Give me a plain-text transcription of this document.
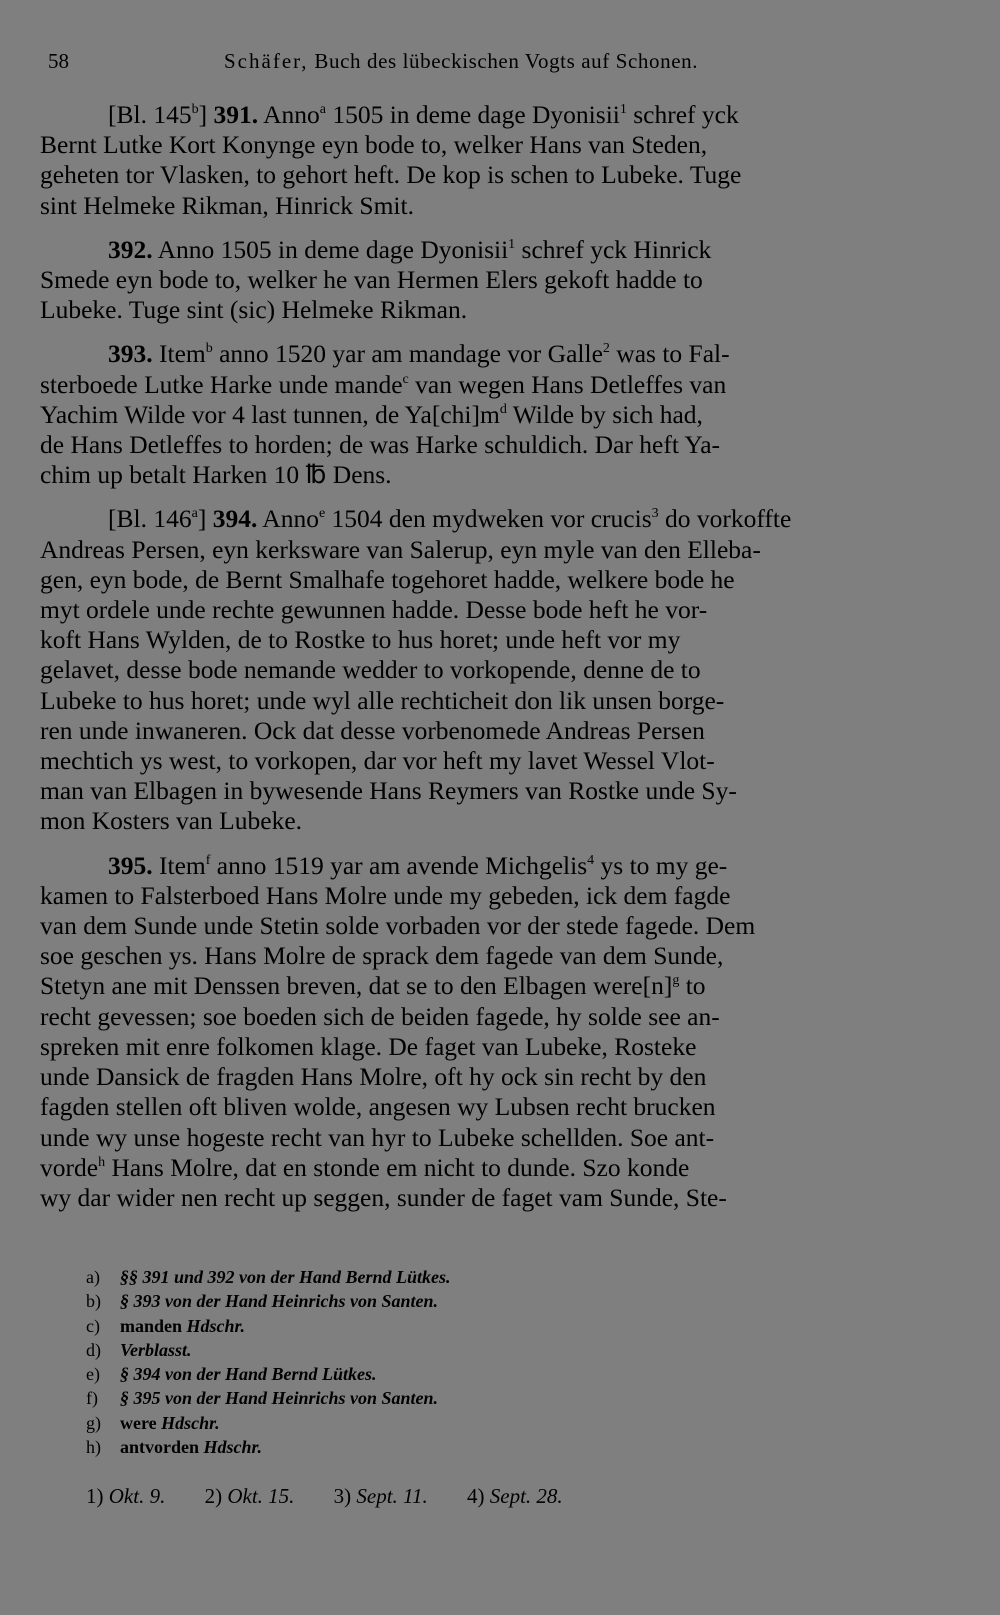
58	Schäfer, Buch des lübeckischen Vogts auf Schonen.

[Bl. 145$^b$] 391. Anno$^a$ 1505 in deme dage Dyonisii$^1$ schref yck

Bernt Lutke Kort Konynge eyn bode to, welker Hans van Steden,

geheten tor Vlasken, to gehort heft. De kop is schen to Lubeke. Tuge

sint Helmeke Rikman, Hinrick Smit.

392. Anno 1505 in deme dage Dyonisii$^1$ schref yck Hinrick

Smede eyn bode to, welker he van Hermen Elers gekoft hadde to

Lubeke. Tuge sint (sic) Helmeke Rikman.

393. Item$^b$ anno 1520 yar am mandage vor Galle$^2$ was to Fal-

sterboede Lutke Harke unde mande$^c$ van wegen Hans Detleffes van

Yachim Wilde vor 4 last tunnen, de $Ya[chi]m^d$ Wilde by sich had,

de Hans Detleffes to horden; de was Harke schuldich. Dar heft Ya-

chim up betalt Harken 10 ℔ Dens.

[Bl. 146$^a$] 394. Anno$^e$ 1504 den mydweken vor crucis$^3$ do vorkoffte

Andreas Persen, eyn kerksware van Salerup, eyn myle van den Elleba-

gen, eyn bode, de Bernt Smalhafe togehoret hadde, welkere bode he

myt ordele unde rechte gewunnen hadde. Desse bode heft he vor-

koft Hans Wylden, de to Rostke to hus horet; unde heft vor my

gelavet, desse bode nemande wedder to vorkopende, denne de to

Lubeke to hus horet; unde wyl alle rechticheit don lik unsen borge-

ren unde inwaneren. Ock dat desse vorbenomede Andreas Persen

mechtich ys west, to vorkopen, dar vor heft my lavet Wessel Vlot-

man van Elbagen in bywesende Hans Reymers van Rostke unde Sy-

mon Kosters van Lubeke.

395. Item$^f$ anno 1519 yar am avende Michgelis$^4$ ys to my ge-

kamen to Falsterboed Hans Molre unde my gebeden, ick dem fagde

van dem Sunde unde Stetin solde vorbaden vor der stede fagede. Dem

soe geschen ys. Hans Molre de sprack dem fagede van dem Sunde,

Stetyn ane mit Denssen breven, dat se to den Elbagen $were[n]^g$ to

recht gevessen; soe boeden sich de beiden fagede, hy solde see an-

spreken mit enre folkomen klage. De faget van Lubeke, Rosteke

unde Dansick de fragden Hans Molre, oft hy ock sin recht by den

fagden stellen oft bliven wolde, angesen wy Lubsen recht brucken

unde wy unse hogeste recht van hyr to Lubeke schellden. Soe ant-

vorde$^h$ Hans Molre, dat en stonde em nicht to dunde. Szo konde

wy dar wider nen recht up seggen, sunder de faget vam Sunde, Ste-

a) §§ 391 und 392 von der Hand Bernd Lütkes.
b) § 393 von der Hand Heinrichs von Santen.
c) manden Hdschr.
d) Verblasst.
e) § 394 von der Hand Bernd Lütkes.
f) § 395 von der Hand Heinrichs von Santen.
g) were Hdschr.
h) antvorden Hdschr.
1) Okt. 9. 2) Okt. 15. 3) Sept. 11. 4) Sept. 28.
